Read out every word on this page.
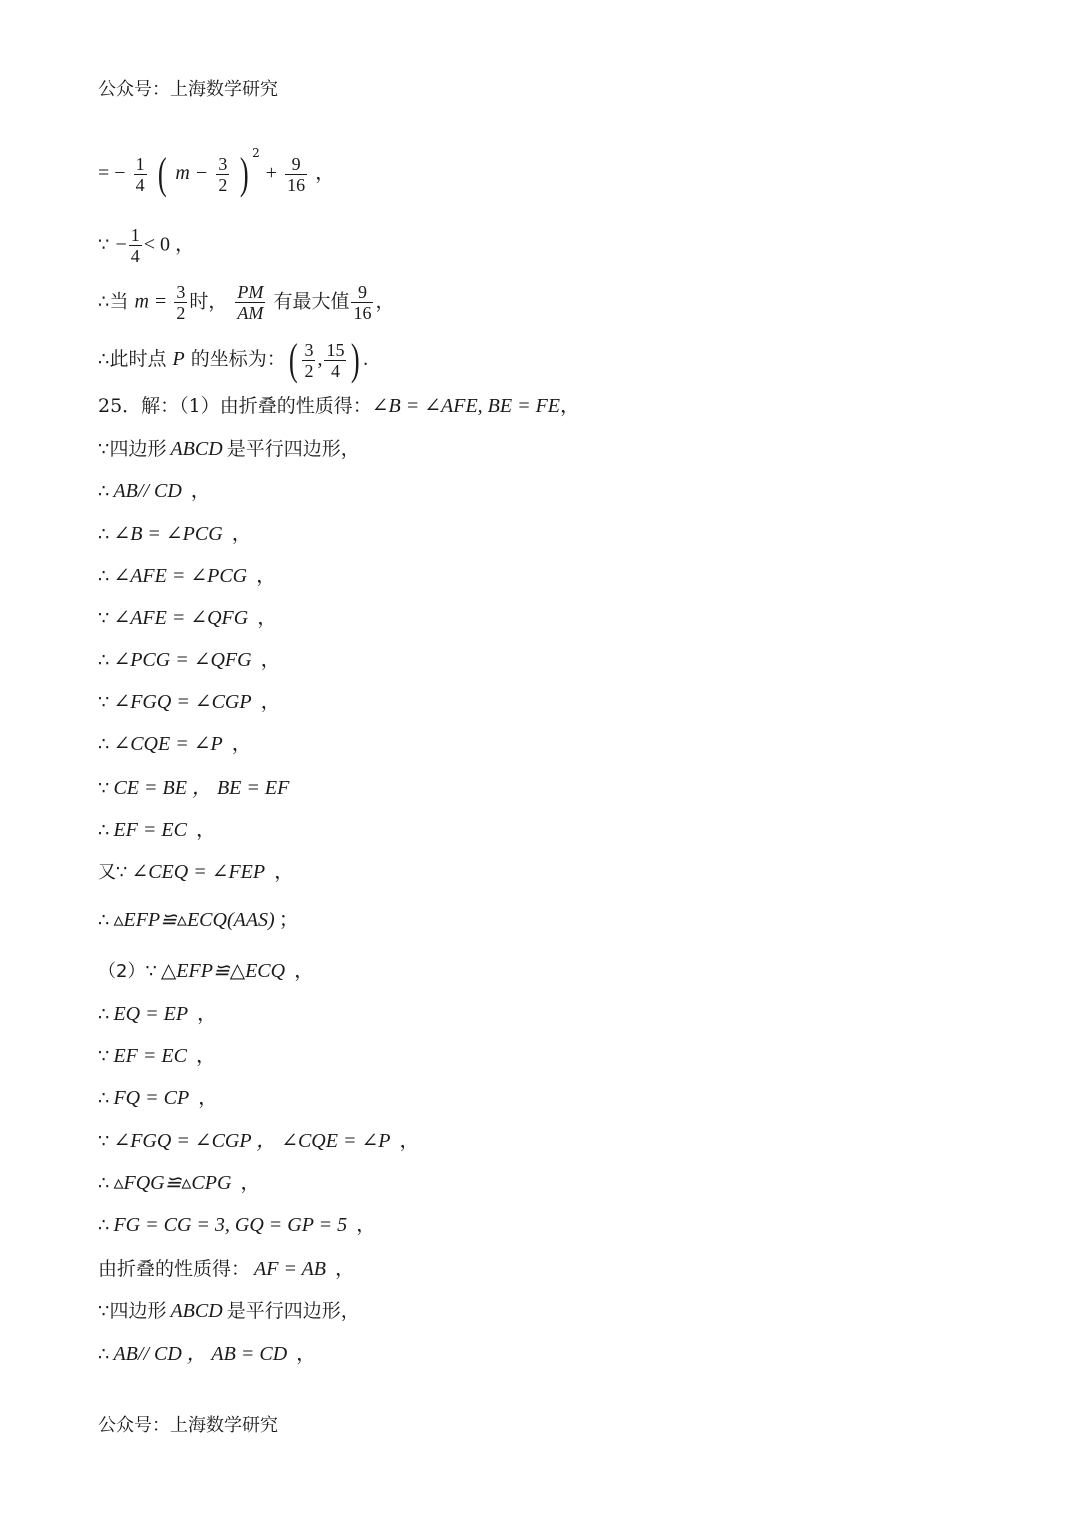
公众号：上海数学研究
= − $\frac{1}{4}$ ( $m - \frac{3}{2}$ ) $^2 + \frac{9}{16}$ ，
∵ − $\frac{1}{4} < 0$ ，
∴当 $m = \frac{3}{2}$ 时， $\frac{PM}{AM}$ 有最大值 $\frac{9}{16}$ ，
∴此时点 P 的坐标为：( $\frac{3}{2}$ , $\frac{15}{4}$ ) .
25．解：（1）由折叠的性质得：∠B = ∠AFE, BE = FE，
∵四边形 ABCD 是平行四边形，
∴ AB// CD ，
∴ ∠B = ∠PCG ，
∴ ∠AFE = ∠PCG ，
∵ ∠AFE = ∠QFG ，
∴ ∠PCG = ∠QFG ，
∵ ∠FGQ = ∠CGP ，
∴ ∠CQE = ∠P ，
∵ CE = BE ， BE = EF
∴ EF = EC ，
又∵ ∠CEQ = ∠FEP ，
∴ ▵EFP≌▵ECQ(AAS) ；
（2）∵ △EFP≌△ECQ ，
∴ EQ = EP ，
∵ EF = EC ，
∴ FQ = CP ，
∵ ∠FGQ = ∠CGP ， ∠CQE = ∠P ，
∴ ▵FQG≌▵CPG ，
∴ FG = CG = 3, GQ = GP = 5 ，
由折叠的性质得： AF = AB ，
∵四边形 ABCD 是平行四边形，
∴ AB// CD ， AB = CD ，
公众号：上海数学研究
